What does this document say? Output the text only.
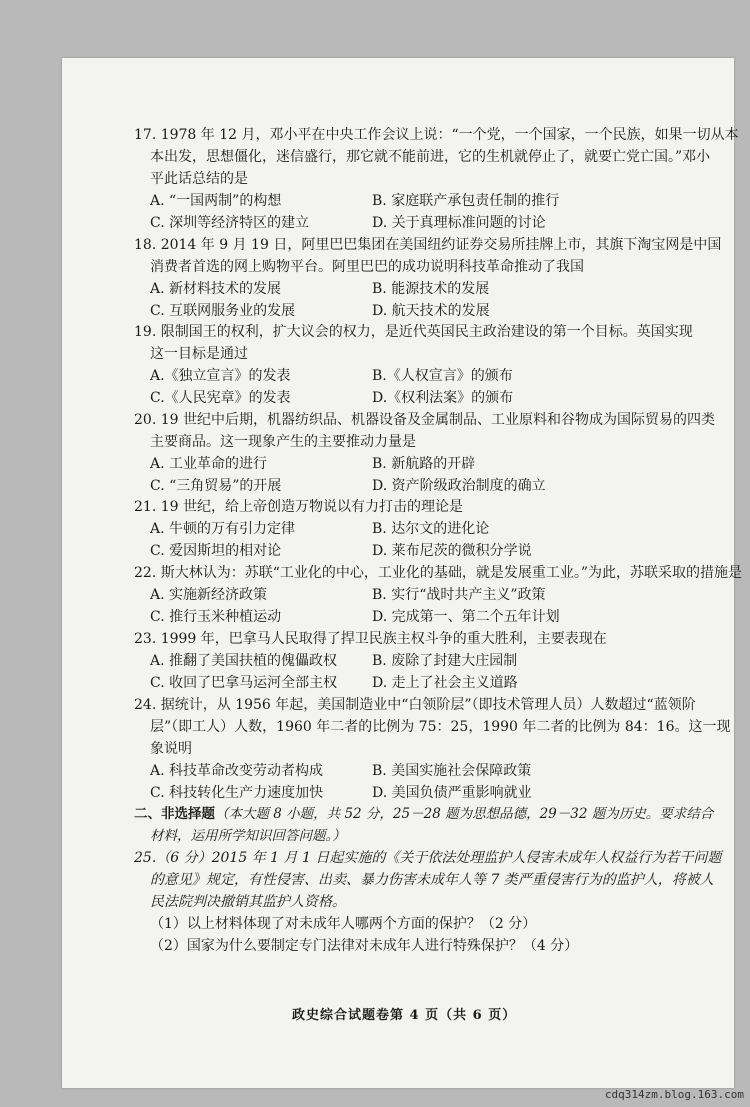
17. 1978 年 12 月，邓小平在中央工作会议上说：“一个党，一个国家，一个民族，如果一切从本
本出发，思想僵化，迷信盛行，那它就不能前进，它的生机就停止了，就要亡党亡国。”邓小
平此话总结的是
A. “一国两制”的构想	B. 家庭联产承包责任制的推行
C. 深圳等经济特区的建立	D. 关于真理标准问题的讨论
18. 2014 年 9 月 19 日，阿里巴巴集团在美国纽约证券交易所挂牌上市，其旗下淘宝网是中国
消费者首选的网上购物平台。阿里巴巴的成功说明科技革命推动了我国
A. 新材料技术的发展	B. 能源技术的发展
C. 互联网服务业的发展	D. 航天技术的发展
19. 限制国王的权利，扩大议会的权力，是近代英国民主政治建设的第一个目标。英国实现
这一目标是通过
A.《独立宣言》的发表	B.《人权宣言》的颁布
C.《人民宪章》的发表	D.《权利法案》的颁布
20. 19 世纪中后期，机器纺织品、机器设备及金属制品、工业原料和谷物成为国际贸易的四类
主要商品。这一现象产生的主要推动力量是
A. 工业革命的进行	B. 新航路的开辟
C. “三角贸易”的开展	D. 资产阶级政治制度的确立
21. 19 世纪，给上帝创造万物说以有力打击的理论是
A. 牛顿的万有引力定律	B. 达尔文的进化论
C. 爱因斯坦的相对论	D. 莱布尼茨的微积分学说
22. 斯大林认为：苏联“工业化的中心，工业化的基础，就是发展重工业。”为此，苏联采取的措施是
A. 实施新经济政策	B. 实行“战时共产主义”政策
C. 推行玉米种植运动	D. 完成第一、第二个五年计划
23. 1999 年，巴拿马人民取得了捍卫民族主权斗争的重大胜利，主要表现在
A. 推翻了美国扶植的傀儡政权 B. 废除了封建大庄园制
C. 收回了巴拿马运河全部主权 D. 走上了社会主义道路
24. 据统计，从 1956 年起，美国制造业中“白领阶层”（即技术管理人员）人数超过“蓝领阶
层”（即工人）人数，1960 年二者的比例为 75：25，1990 年二者的比例为 84：16。这一现
象说明
A. 科技革命改变劳动者构成	B. 美国实施社会保障政策
C. 科技转化生产力速度加快	D. 美国负债严重影响就业
二、非选择题（本大题 8 小题，共 52 分，25－28 题为思想品德，29－32 题为历史。要求结合
材料，运用所学知识回答问题。）
25.（6 分）2015 年 1 月 1 日起实施的《关于依法处理监护人侵害未成年人权益行为若干问题
的意见》规定，有性侵害、出卖、暴力伤害未成年人等 7 类严重侵害行为的监护人，将被人
民法院判决撤销其监护人资格。
（1）以上材料体现了对未成年人哪两个方面的保护？（2 分）
（2）国家为什么要制定专门法律对未成年人进行特殊保护？（4 分）
政史综合试题卷第 4 页（共 6 页）
cdq314zm.blog.163.com
